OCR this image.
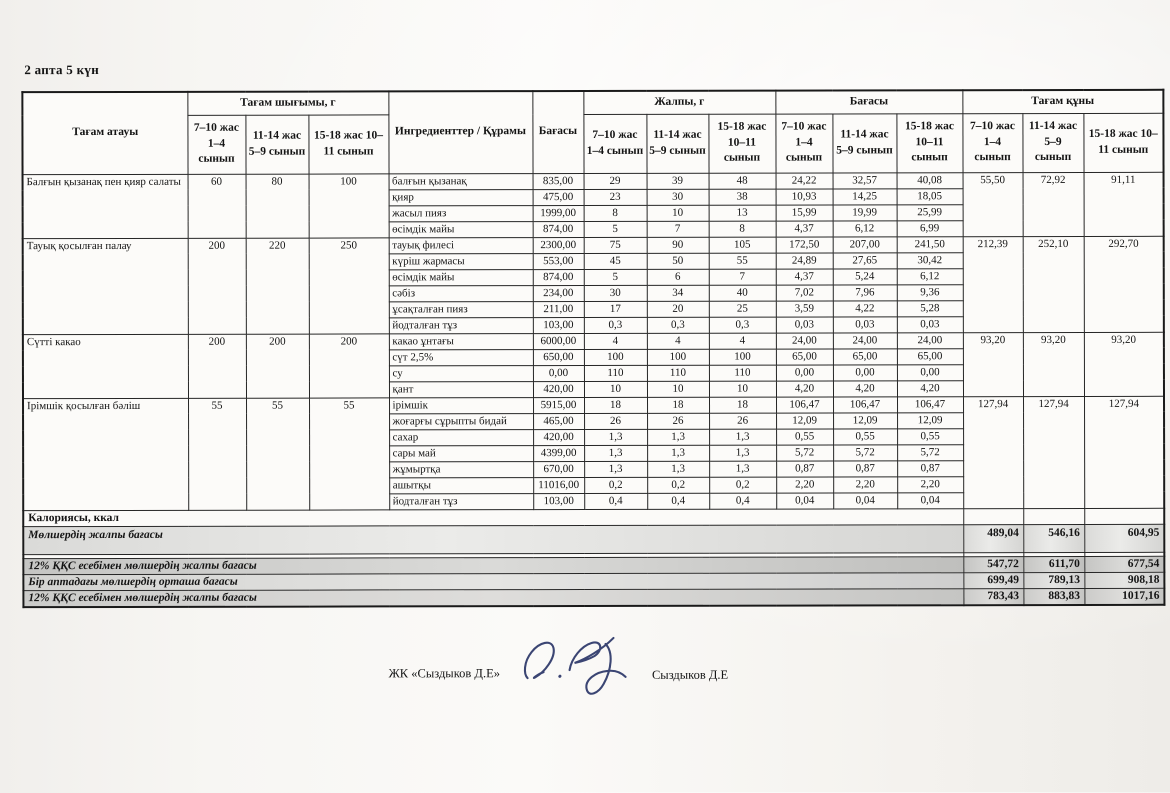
2 апта 5 күн
Тағам атауы	Тағам шығымы, г			Ингредиенттер / Құрамы	Бағасы	Жалпы, г			Бағасы			Тағам құны		
	7–10 жас 1–4 сынып	11-14 жас 5–9 сынып	15-18 жас 10–11 сынып			7–10 жас 1–4 сынып	11-14 жас 5–9 сынып	15-18 жас 10–11 сынып	7–10 жас 1–4 сынып	11-14 жас 5–9 сынып	15-18 жас 10–11 сынып	7–10 жас 1–4 сынып	11-14 жас 5–9 сынып	15-18 жас 10–11 сынып
Балғын қызанақ пен қияр салаты	60	80	100	балғын қызанақ	835,00	29	39	48	24,22	32,57	40,08	55,50	72,92	91,11
				қияр	475,00	23	30	38	10,93	14,25	18,05			
				жасыл пияз	1999,00	8	10	13	15,99	19,99	25,99			
				өсімдік майы	874,00	5	7	8	4,37	6,12	6,99			
Тауық қосылған палау	200	220	250	тауық филесі	2300,00	75	90	105	172,50	207,00	241,50	212,39	252,10	292,70
				күріш жармасы	553,00	45	50	55	24,89	27,65	30,42			
				өсімдік майы	874,00	5	6	7	4,37	5,24	6,12			
				сәбіз	234,00	30	34	40	7,02	7,96	9,36			
				ұсақталған пияз	211,00	17	20	25	3,59	4,22	5,28			
				йодталған тұз	103,00	0,3	0,3	0,3	0,03	0,03	0,03			
Сүтті какао	200	200	200	какао ұнтағы	6000,00	4	4	4	24,00	24,00	24,00	93,20	93,20	93,20
				сүт 2,5%	650,00	100	100	100	65,00	65,00	65,00			
				су	0,00	110	110	110	0,00	0,00	0,00			
				қант	420,00	10	10	10	4,20	4,20	4,20			
Ірімшік қосылған бәліш	55	55	55	ірімшік	5915,00	18	18	18	106,47	106,47	106,47	127,94	127,94	127,94
				жоғарғы сұрыпты бидай	465,00	26	26	26	12,09	12,09	12,09			
				сахар	420,00	1,3	1,3	1,3	0,55	0,55	0,55			
				сары май	4399,00	1,3	1,3	1,3	5,72	5,72	5,72			
				жұмыртқа	670,00	1,3	1,3	1,3	0,87	0,87	0,87			
				ашытқы	11016,00	0,2	0,2	0,2	2,20	2,20	2,20			
				йодталған тұз	103,00	0,4	0,4	0,4	0,04	0,04	0,04			
Калориясы, ккал														
Мөлшердің жалпы бағасы												489,04	546,16	604,95

12% ҚҚС есебімен мөлшердің жалпы бағасы												547,72	611,70	677,54
Бір аптадағы мөлшердің орташа бағасы												699,49	789,13	908,18
12% ҚҚС есебімен мөлшердің жалпы бағасы												783,43	883,83	1017,16
ЖК «Сыздыков Д.Е»	Сыздыков Д.Е
